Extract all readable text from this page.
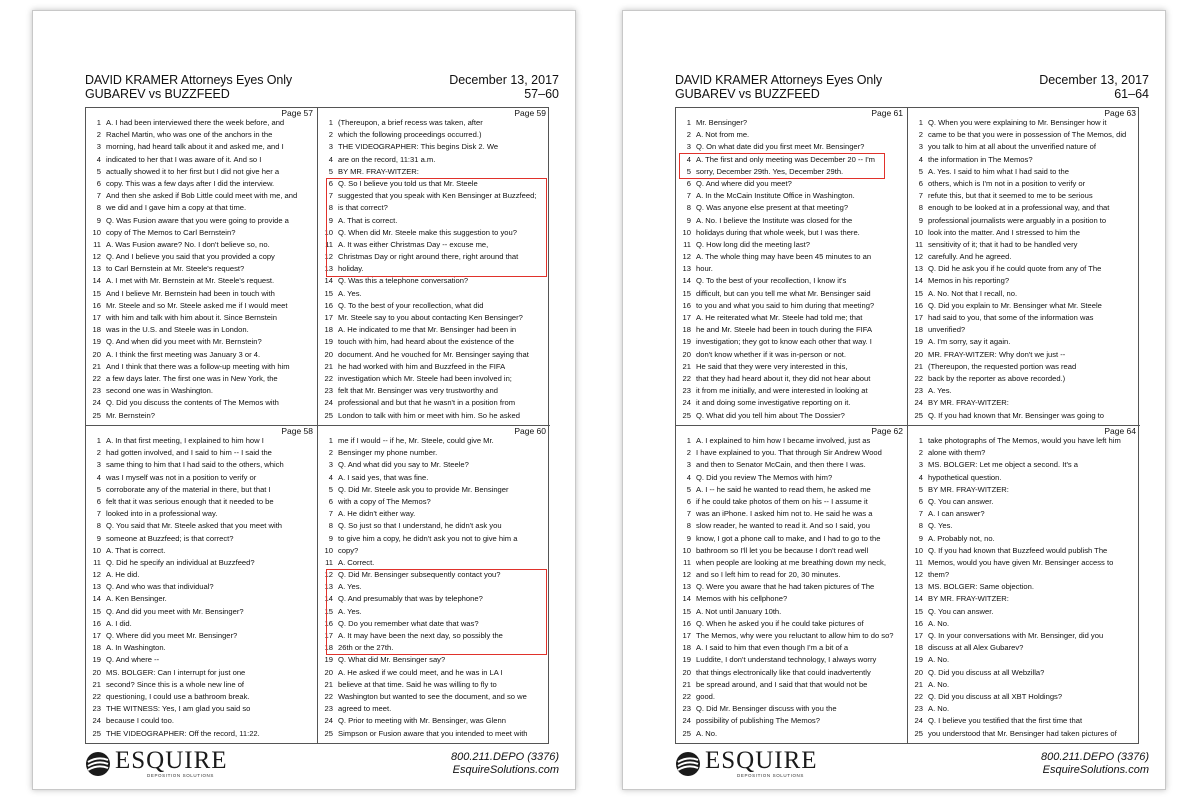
DAVID KRAMER Attorneys Eyes Only
GUBAREV vs BUZZFEED
December 13, 2017
57–60
Page 57
1 A. I had been interviewed there the week before, and
2 Rachel Martin, who was one of the anchors in the
3 morning, had heard talk about it and asked me, and I
4 indicated to her that I was aware of it. And so I
5 actually showed it to her first but I did not give her a
6 copy. This was a few days after I did the interview.
7 And then she asked if Bob Little could meet with me, and
8 we did and I gave him a copy at that time.
9 Q. Was Fusion aware that you were going to provide a
10 copy of The Memos to Carl Bernstein?
11 A. Was Fusion aware? No. I don't believe so, no.
12 Q. And I believe you said that you provided a copy
13 to Carl Bernstein at Mr. Steele's request?
14 A. I met with Mr. Bernstein at Mr. Steele's request.
15 And I believe Mr. Bernstein had been in touch with
16 Mr. Steele and so Mr. Steele asked me if I would meet
17 with him and talk with him about it. Since Bernstein
18 was in the U.S. and Steele was in London.
19 Q. And when did you meet with Mr. Bernstein?
20 A. I think the first meeting was January 3 or 4.
21 And I think that there was a follow-up meeting with him
22 a few days later. The first one was in New York, the
23 second one was in Washington.
24 Q. Did you discuss the contents of The Memos with
25 Mr. Bernstein?
Page 59
1 (Thereupon, a brief recess was taken, after
2 which the following proceedings occurred.)
3 THE VIDEOGRAPHER: This begins Disk 2. We
4 are on the record, 11:31 a.m.
5 BY MR. FRAY-WITZER:
6 Q. So I believe you told us that Mr. Steele
7 suggested that you speak with Ken Bensinger at Buzzfeed;
8 is that correct?
9 A. That is correct.
10 Q. When did Mr. Steele make this suggestion to you?
11 A. It was either Christmas Day -- excuse me,
12 Christmas Day or right around there, right around that
13 holiday.
14 Q. Was this a telephone conversation?
15 A. Yes.
16 Q. To the best of your recollection, what did
17 Mr. Steele say to you about contacting Ken Bensinger?
18 A. He indicated to me that Mr. Bensinger had been in
19 touch with him, had heard about the existence of the
20 document. And he vouched for Mr. Bensinger saying that
21 he had worked with him and Buzzfeed in the FIFA
22 investigation which Mr. Steele had been involved in;
23 felt that Mr. Bensinger was very trustworthy and
24 professional and but that he wasn't in a position from
25 London to talk with him or meet with him. So he asked
Page 58
1 A. In that first meeting, I explained to him how I
2 had gotten involved, and I said to him -- I said the
3 same thing to him that I had said to the others, which
4 was I myself was not in a position to verify or
5 corroborate any of the material in there, but that I
6 felt that it was serious enough that it needed to be
7 looked into in a professional way.
8 Q. You said that Mr. Steele asked that you meet with
9 someone at Buzzfeed; is that correct?
10 A. That is correct.
11 Q. Did he specify an individual at Buzzfeed?
12 A. He did.
13 Q. And who was that individual?
14 A. Ken Bensinger.
15 Q. And did you meet with Mr. Bensinger?
16 A. I did.
17 Q. Where did you meet Mr. Bensinger?
18 A. In Washington.
19 Q. And where --
20 MS. BOLGER: Can I interrupt for just one
21 second? Since this is a whole new line of
22 questioning, I could use a bathroom break.
23 THE WITNESS: Yes, I am glad you said so
24 because I could too.
25 THE VIDEOGRAPHER: Off the record, 11:22.
Page 60
1 me if I would -- if he, Mr. Steele, could give Mr.
2 Bensinger my phone number.
3 Q. And what did you say to Mr. Steele?
4 A. I said yes, that was fine.
5 Q. Did Mr. Steele ask you to provide Mr. Bensinger
6 with a copy of The Memos?
7 A. He didn't either way.
8 Q. So just so that I understand, he didn't ask you
9 to give him a copy, he didn't ask you not to give him a
10 copy?
11 A. Correct.
12 Q. Did Mr. Bensinger subsequently contact you?
13 A. Yes.
14 Q. And presumably that was by telephone?
15 A. Yes.
16 Q. Do you remember what date that was?
17 A. It may have been the next day, so possibly the
18 26th or the 27th.
19 Q. What did Mr. Bensinger say?
20 A. He asked if we could meet, and he was in LA I
21 believe at that time. Said he was willing to fly to
22 Washington but wanted to see the document, and so we
23 agreed to meet.
24 Q. Prior to meeting with Mr. Bensinger, was Glenn
25 Simpson or Fusion aware that you intended to meet with
ESQUIRE
DEPOSITION SOLUTIONS
800.211.DEPO (3376)
EsquireSolutions.com
DAVID KRAMER Attorneys Eyes Only
GUBAREV vs BUZZFEED
December 13, 2017
61–64
Page 61
1 Mr. Bensinger?
2 A. Not from me.
3 Q. On what date did you first meet Mr. Bensinger?
4 A. The first and only meeting was December 20 -- I'm
5 sorry, December 29th. Yes, December 29th.
6 Q. And where did you meet?
7 A. In the McCain Institute Office in Washington.
8 Q. Was anyone else present at that meeting?
9 A. No. I believe the Institute was closed for the
10 holidays during that whole week, but I was there.
11 Q. How long did the meeting last?
12 A. The whole thing may have been 45 minutes to an
13 hour.
14 Q. To the best of your recollection, I know it's
15 difficult, but can you tell me what Mr. Bensinger said
16 to you and what you said to him during that meeting?
17 A. He reiterated what Mr. Steele had told me; that
18 he and Mr. Steele had been in touch during the FIFA
19 investigation; they got to know each other that way. I
20 don't know whether if it was in-person or not.
21 He said that they were very interested in this,
22 that they had heard about it, they did not hear about
23 it from me initially, and were interested in looking at
24 it and doing some investigative reporting on it.
25 Q. What did you tell him about The Dossier?
Page 63
1 Q. When you were explaining to Mr. Bensinger how it
2 came to be that you were in possession of The Memos, did
3 you talk to him at all about the unverified nature of
4 the information in The Memos?
5 A. Yes. I said to him what I had said to the
6 others, which is I'm not in a position to verify or
7 refute this, but that it seemed to me to be serious
8 enough to be looked at in a professional way, and that
9 professional journalists were arguably in a position to
10 look into the matter. And I stressed to him the
11 sensitivity of it; that it had to be handled very
12 carefully. And he agreed.
13 Q. Did he ask you if he could quote from any of The
14 Memos in his reporting?
15 A. No. Not that I recall, no.
16 Q. Did you explain to Mr. Bensinger what Mr. Steele
17 had said to you, that some of the information was
18 unverified?
19 A. I'm sorry, say it again.
20 MR. FRAY-WITZER: Why don't we just --
21 (Thereupon, the requested portion was read
22 back by the reporter as above recorded.)
23 A. Yes.
24 BY MR. FRAY-WITZER:
25 Q. If you had known that Mr. Bensinger was going to
Page 62
1 A. I explained to him how I became involved, just as
2 I have explained to you. That through Sir Andrew Wood
3 and then to Senator McCain, and then there I was.
4 Q. Did you review The Memos with him?
5 A. I -- he said he wanted to read them, he asked me
6 if he could take photos of them on his -- I assume it
7 was an iPhone. I asked him not to. He said he was a
8 slow reader, he wanted to read it. And so I said, you
9 know, I got a phone call to make, and I had to go to the
10 bathroom so I'll let you be because I don't read well
11 when people are looking at me breathing down my neck,
12 and so I left him to read for 20, 30 minutes.
13 Q. Were you aware that he had taken pictures of The
14 Memos with his cellphone?
15 A. Not until January 10th.
16 Q. When he asked you if he could take pictures of
17 The Memos, why were you reluctant to allow him to do so?
18 A. I said to him that even though I'm a bit of a
19 Luddite, I don't understand technology, I always worry
20 that things electronically like that could inadvertently
21 be spread around, and I said that that would not be
22 good.
23 Q. Did Mr. Bensinger discuss with you the
24 possibility of publishing The Memos?
25 A. No.
Page 64
1 take photographs of The Memos, would you have left him
2 alone with them?
3 MS. BOLGER: Let me object a second. It's a
4 hypothetical question.
5 BY MR. FRAY-WITZER:
6 Q. You can answer.
7 A. I can answer?
8 Q. Yes.
9 A. Probably not, no.
10 Q. If you had known that Buzzfeed would publish The
11 Memos, would you have given Mr. Bensinger access to
12 them?
13 MS. BOLGER: Same objection.
14 BY MR. FRAY-WITZER:
15 Q. You can answer.
16 A. No.
17 Q. In your conversations with Mr. Bensinger, did you
18 discuss at all Alex Gubarev?
19 A. No.
20 Q. Did you discuss at all Webzilla?
21 A. No.
22 Q. Did you discuss at all XBT Holdings?
23 A. No.
24 Q. I believe you testified that the first time that
25 you understood that Mr. Bensinger had taken pictures of
ESQUIRE
DEPOSITION SOLUTIONS
800.211.DEPO (3376)
EsquireSolutions.com
